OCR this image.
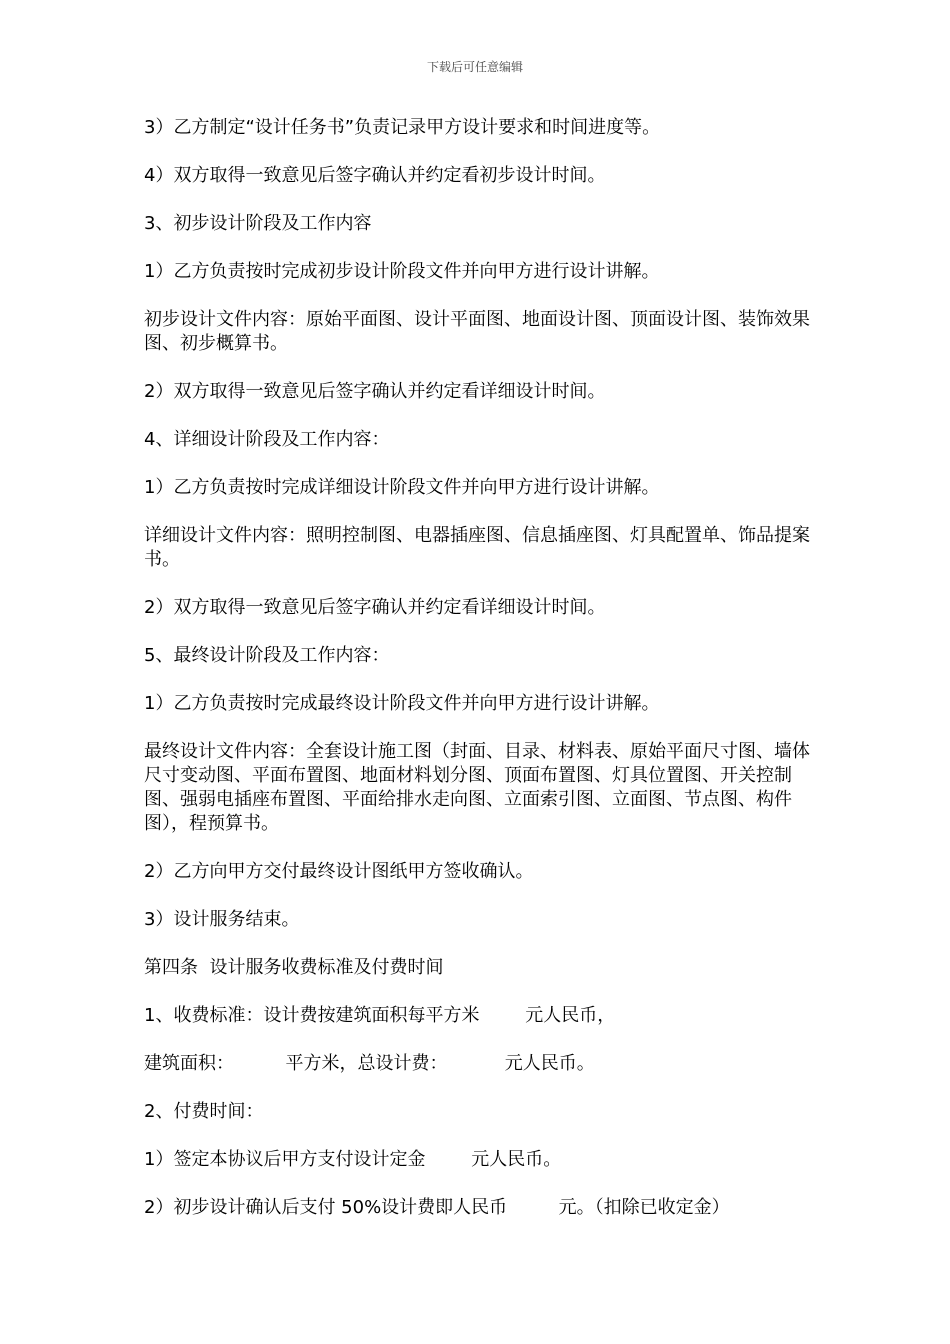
下载后可任意编辑

3）乙方制定“设计任务书”负责记录甲方设计要求和时间进度等。

4）双方取得一致意见后签字确认并约定看初步设计时间。

3、初步设计阶段及工作内容

1）乙方负责按时完成初步设计阶段文件并向甲方进行设计讲解。

初步设计文件内容：原始平面图、设计平面图、地面设计图、顶面设计图、装饰效果图、初步概算书。

2）双方取得一致意见后签字确认并约定看详细设计时间。

4、详细设计阶段及工作内容：

1）乙方负责按时完成详细设计阶段文件并向甲方进行设计讲解。

详细设计文件内容：照明控制图、电器插座图、信息插座图、灯具配置单、饰品提案书。

2）双方取得一致意见后签字确认并约定看详细设计时间。

5、最终设计阶段及工作内容：

1）乙方负责按时完成最终设计阶段文件并向甲方进行设计讲解。

最终设计文件内容：全套设计施工图（封面、目录、材料表、原始平面尺寸图、墙体尺寸变动图、平面布置图、地面材料划分图、顶面布置图、灯具位置图、开关控制图、强弱电插座布置图、平面给排水走向图、立面索引图、立面图、节点图、构件图），程预算书。

2）乙方向甲方交付最终设计图纸甲方签收确认。

3）设计服务结束。

第四条  设计服务收费标准及付费时间

1、收费标准：设计费按建筑面积每平方米        元人民币，

建筑面积：         平方米，总设计费：          元人民币。

2、付费时间：

1）签定本协议后甲方支付设计定金        元人民币。

2）初步设计确认后支付 50%设计费即人民币         元。（扣除已收定金）
